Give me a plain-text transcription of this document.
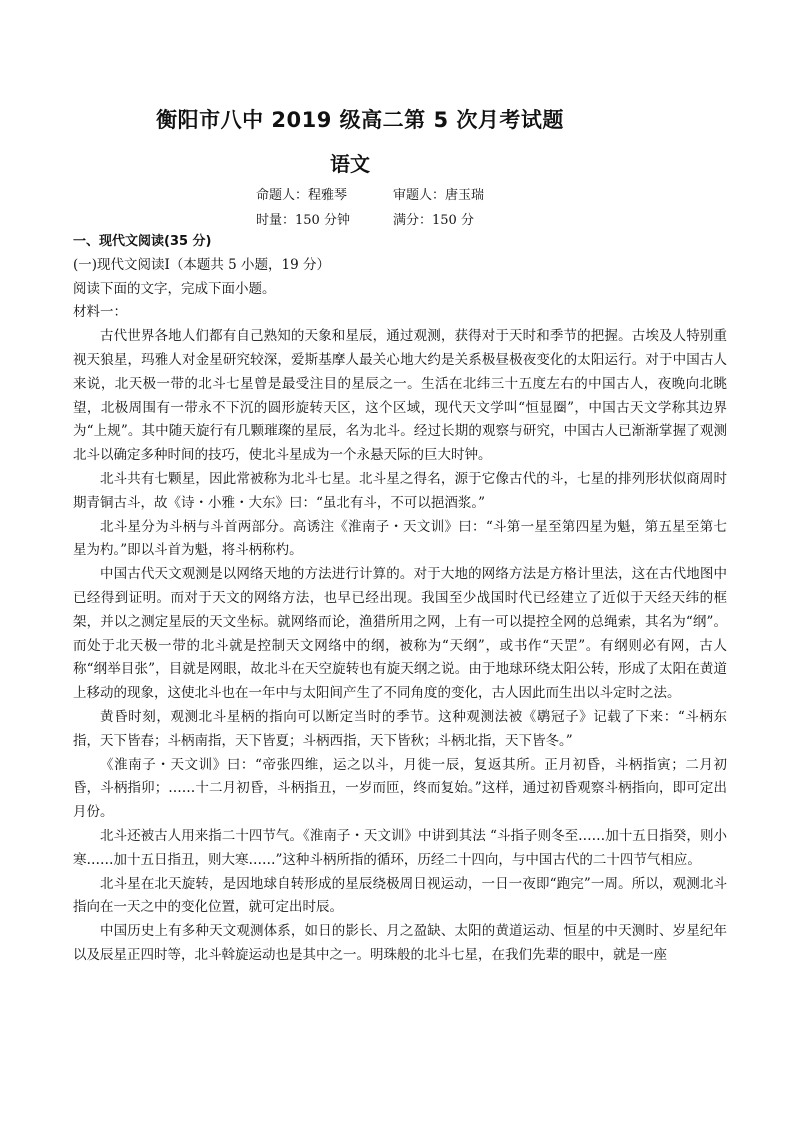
衡阳市八中 2019 级高二第 5 次月考试题
语文
命题人：程雅琴	审题人：唐玉瑞
时量：150 分钟	满分：150 分

一、现代文阅读(35 分)

(一)现代文阅读Ⅰ（本题共 5 小题，19 分）

阅读下面的文字，完成下面小题。

材料一：

古代世界各地人们都有自己熟知的天象和星辰，通过观测，获得对于天时和季节的把握。古埃及人特别重视天狼星，玛雅人对金星研究较深，爱斯基摩人最关心地大约是关系极昼极夜变化的太阳运行。对于中国古人来说，北天极一带的北斗七星曾是最受注目的星辰之一。生活在北纬三十五度左右的中国古人，夜晚向北眺望，北极周围有一带永不下沉的圆形旋转天区，这个区域，现代天文学叫“恒显圈”，中国古天文学称其边界为“上规”。其中随天旋行有几颗璀璨的星辰，名为北斗。经过长期的观察与研究，中国古人已渐渐掌握了观测北斗以确定多种时间的技巧，使北斗星成为一个永悬天际的巨大时钟。

北斗共有七颗星，因此常被称为北斗七星。北斗星之得名，源于它像古代的斗，七星的排列形状似商周时期青铜古斗，故《诗・小雅・大东》曰：“虽北有斗，不可以挹酒浆。”

北斗星分为斗柄与斗首两部分。高诱注《淮南子・天文训》曰：“斗第一星至第四星为魁，第五星至第七星为杓。”即以斗首为魁，将斗柄称杓。

中国古代天文观测是以网络天地的方法进行计算的。对于大地的网络方法是方格计里法，这在古代地图中已经得到证明。而对于天文的网络方法，也早已经出现。我国至少战国时代已经建立了近似于天经天纬的框架，并以之测定星辰的天文坐标。就网络而论，渔猎所用之网，上有一可以提控全网的总绳索，其名为“纲”。而处于北天极一带的北斗就是控制天文网络中的纲，被称为“天纲”，或书作“天罡”。有纲则必有网，古人称“纲举目张”，目就是网眼，故北斗在天空旋转也有旋天纲之说。由于地球环绕太阳公转，形成了太阳在黄道上移动的现象，这使北斗也在一年中与太阳间产生了不同角度的变化，古人因此而生出以斗定时之法。

黄昏时刻，观测北斗星柄的指向可以断定当时的季节。这种观测法被《鹖冠子》记载了下来：“斗柄东指，天下皆春；斗柄南指，天下皆夏；斗柄西指，天下皆秋；斗柄北指，天下皆冬。”

《淮南子・天文训》曰：“帝张四维，运之以斗，月徙一辰，复返其所。正月初昏，斗柄指寅；二月初昏，斗柄指卯；……十二月初昏，斗柄指丑，一岁而匝，终而复始。”这样，通过初昏观察斗柄指向，即可定出月份。

北斗还被古人用来指二十四节气。《淮南子・天文训》中讲到其法 “斗指子则冬至……加十五日指癸，则小寒……加十五日指丑，则大寒……”这种斗柄所指的循环，历经二十四向，与中国古代的二十四节气相应。

北斗星在北天旋转，是因地球自转形成的星辰绕极周日视运动，一日一夜即“跑完”一周。所以，观测北斗指向在一天之中的变化位置，就可定出时辰。

中国历史上有多种天文观测体系，如日的影长、月之盈缺、太阳的黄道运动、恒星的中天测时、岁星纪年以及辰星正四时等，北斗斡旋运动也是其中之一。明珠般的北斗七星，在我们先辈的眼中，就是一座
